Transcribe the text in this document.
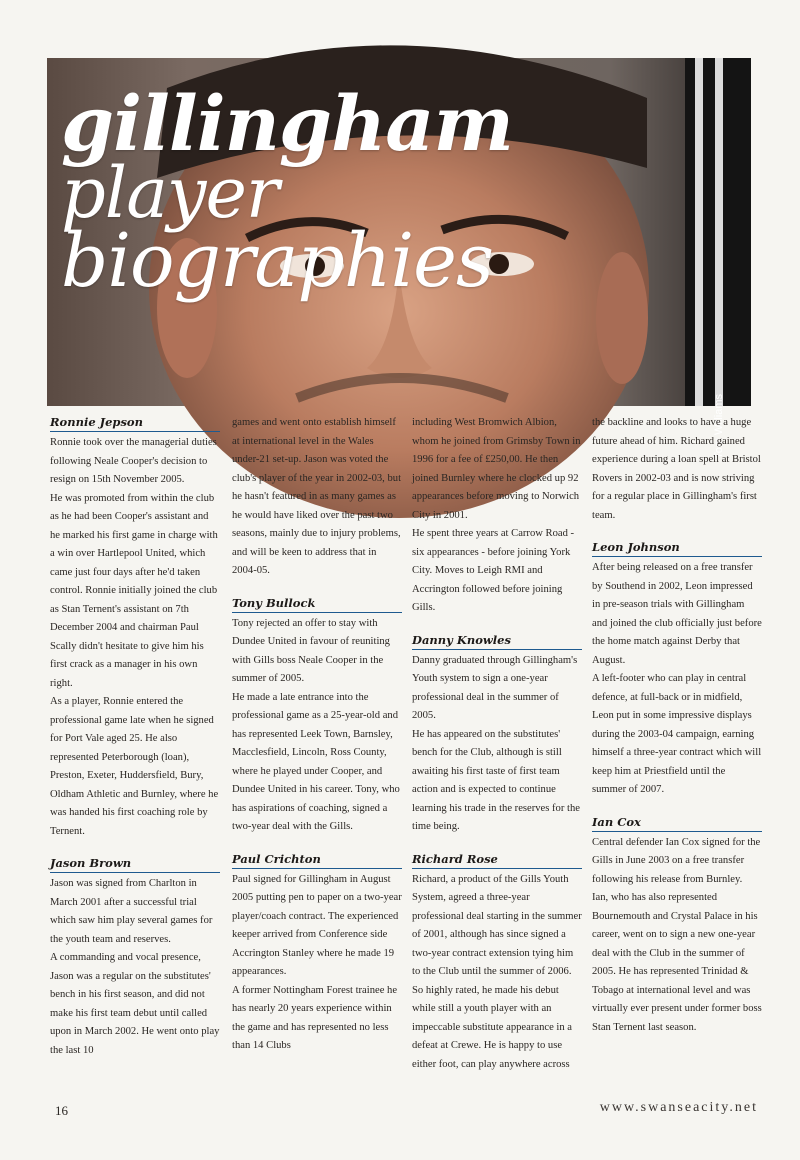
gillingham
player
biographies
Tom Williams
Ronnie Jepson

Ronnie took over the managerial duties following Neale Cooper's decision to resign on 15th November 2005.

He was promoted from within the club as he had been Cooper's assistant and he marked his first game in charge with a win over Hartlepool United, which came just four days after he'd taken control. Ronnie initially joined the club as Stan Ternent's assistant on 7th December 2004 and chairman Paul Scally didn't hesitate to give him his first crack as a manager in his own right.

As a player, Ronnie entered the professional game late when he signed for Port Vale aged 25. He also represented Peterborough (loan), Preston, Exeter, Huddersfield, Bury, Oldham Athletic and Burnley, where he was handed his first coaching role by Ternent.

Jason Brown

Jason was signed from Charlton in March 2001 after a successful trial which saw him play several games for the youth team and reserves.

A commanding and vocal presence, Jason was a regular on the substitutes' bench in his first season, and did not make his first team debut until called upon in March 2002. He went onto play the last 10

games and went onto establish himself at international level in the Wales under-21 set-up. Jason was voted the club's player of the year in 2002-03, but he hasn't featured in as many games as he would have liked over the past two seasons, mainly due to injury problems, and will be keen to address that in 2004-05.

Tony Bullock

Tony rejected an offer to stay with Dundee United in favour of reuniting with Gills boss Neale Cooper in the summer of 2005.

He made a late entrance into the professional game as a 25-year-old and has represented Leek Town, Barnsley, Macclesfield, Lincoln, Ross County, where he played under Cooper, and Dundee United in his career. Tony, who has aspirations of coaching, signed a two-year deal with the Gills.

Paul Crichton

Paul signed for Gillingham in August 2005 putting pen to paper on a two-year player/coach contract. The experienced keeper arrived from Conference side Accrington Stanley where he made 19 appearances.

A former Nottingham Forest trainee he has nearly 20 years experience within the game and has represented no less than 14 Clubs

including West Bromwich Albion, whom he joined from Grimsby Town in 1996 for a fee of £250,00. He then joined Burnley where he clocked up 92 appearances before moving to Norwich City in 2001.

He spent three years at Carrow Road - six appearances - before joining York City. Moves to Leigh RMI and Accrington followed before joining Gills.

Danny Knowles

Danny graduated through Gillingham's Youth system to sign a one-year professional deal in the summer of 2005.

He has appeared on the substitutes' bench for the Club, although is still awaiting his first taste of first team action and is expected to continue learning his trade in the reserves for the time being.

Richard Rose

Richard, a product of the Gills Youth System, agreed a three-year professional deal starting in the summer of 2001, although has since signed a two-year contract extension tying him to the Club until the summer of 2006.

So highly rated, he made his debut while still a youth player with an impeccable substitute appearance in a defeat at Crewe. He is happy to use either foot, can play anywhere across

the backline and looks to have a huge future ahead of him. Richard gained experience during a loan spell at Bristol Rovers in 2002-03 and is now striving for a regular place in Gillingham's first team.

Leon Johnson

After being released on a free transfer by Southend in 2002, Leon impressed in pre-season trials with Gillingham and joined the club officially just before the home match against Derby that August.

A left-footer who can play in central defence, at full-back or in midfield, Leon put in some impressive displays during the 2003-04 campaign, earning himself a three-year contract which will keep him at Priestfield until the summer of 2007.

Ian Cox

Central defender Ian Cox signed for the Gills in June 2003 on a free transfer following his release from Burnley.

Ian, who has also represented Bournemouth and Crystal Palace in his career, went on to sign a new one-year deal with the Club in the summer of 2005. He has represented Trinidad & Tobago at international level and was virtually ever present under former boss Stan Ternent last season.

16	www.swanseacity.net
